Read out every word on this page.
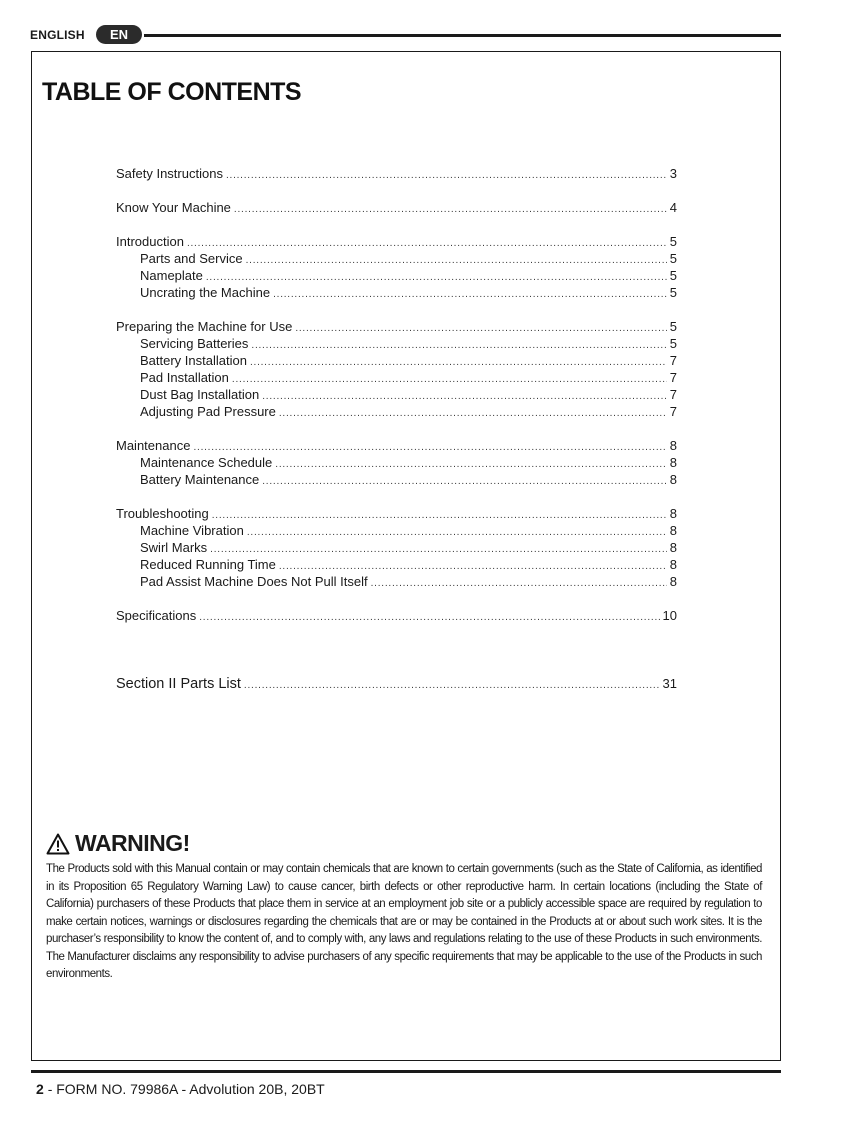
ENGLISH	EN
TABLE OF CONTENTS
Safety Instructions . . .	3
Know Your Machine . . .	4
Introduction . . .	5
Parts and Service . . .	5
Nameplate . . .	5
Uncrating the Machine . . .	5
Preparing the Machine for Use . . .	5
Servicing Batteries . . .	5
Battery Installation . . .	7
Pad Installation . . .	7
Dust Bag Installation . . .	7
Adjusting Pad Pressure . . .	7
Maintenance . . .	8
Maintenance Schedule . . .	8
Battery Maintenance . . .	8
Troubleshooting . . .	8
Machine Vibration . . .	8
Swirl Marks . . .	8
Reduced Running Time . . .	8
Pad Assist Machine Does Not Pull Itself . . .	8
Specifications . . .	10
Section II Parts List . . .	31
WARNING!
The Products sold with this Manual contain or may contain chemicals that are known to certain governments (such as the State of California, as identified in its Proposition 65 Regulatory Warning Law) to cause cancer, birth defects or other reproductive harm. In certain locations (including the State of California) purchasers of these Products that place them in service at an employment job site or a publicly accessible space are required by regulation to make certain notices, warnings or disclosures regarding the chemicals that are or may be contained in the Products at or about such work sites. It is the purchaser’s responsibility to know the content of, and to comply with, any laws and regulations relating to the use of these Products in such environments. The Manufacturer disclaims any responsibility to advise purchasers of any specific requirements that may be applicable to the use of the Products in such environments.
2 - FORM NO. 79986A - Advolution 20B, 20BT
